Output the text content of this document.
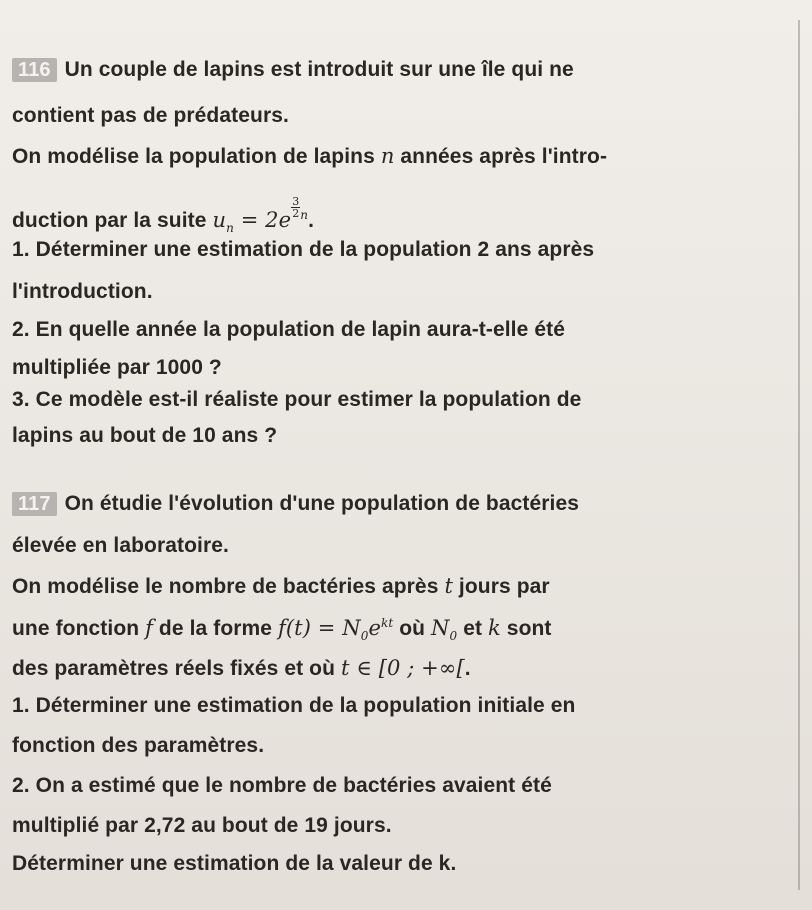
116 Un couple de lapins est introduit sur une île qui ne
contient pas de prédateurs.
On modélise la population de lapins n années après l'intro-
duction par la suite $u_n = 2e$
$\frac{3}{2} ^n$.
1. Déterminer une estimation de la population 2 ans après
l'introduction.
2. En quelle année la population de lapin aura-t-elle été
multipliée par 1000 ?
3. Ce modèle est-il réaliste pour estimer la population de
lapins au bout de 10 ans ?
117 On étudie l'évolution d'une population de bactéries
élevée en laboratoire.
On modélise le nombre de bactéries après t jours par
une fonction f de la forme $f(t) = N_0e^{kt}$ où $N_0$ et k sont
des paramètres réels fixés et où t ∈ [0 ; +∞[.
1. Déterminer une estimation de la population initiale en
fonction des paramètres.
2. On a estimé que le nombre de bactéries avaient été
multiplié par 2,72 au bout de 19 jours.
Déterminer une estimation de la valeur de k.
